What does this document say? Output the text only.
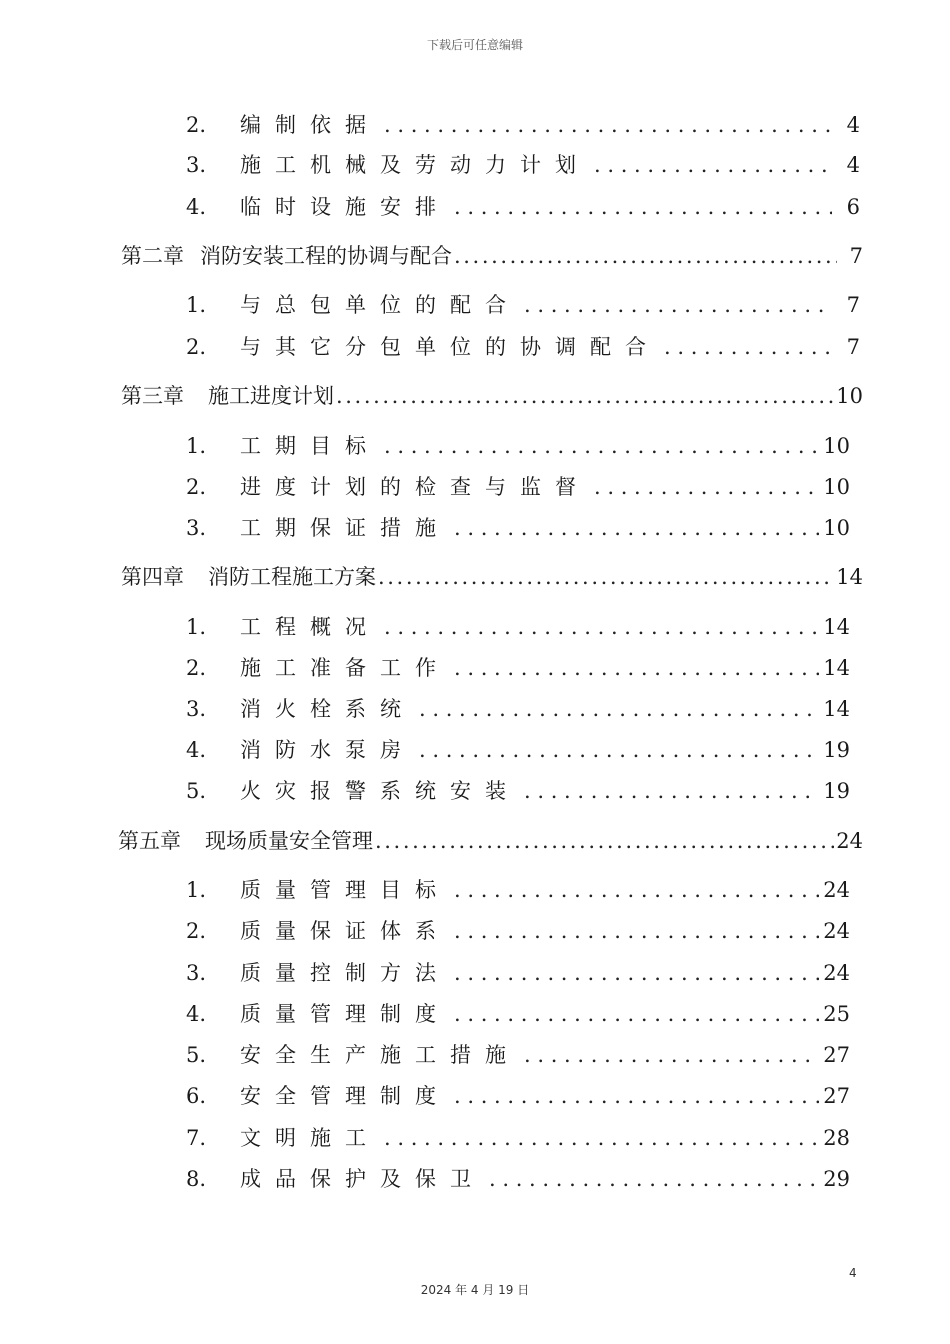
下载后可任意编辑
2.	编制依据 . . .	4
3.	施工机械及劳动力计划 . . .	4
4.	临时设施安排 . . .	6
第二章 消防安装工程的协调与配合 .....	7
1.	与总包单位的配合 . . .	7
2.	与其它分包单位的协调配合 . . .	7
第三章 施工进度计划 .....	10
1.	工期目标 . . .	10
2.	进度计划的检查与监督 . . .	10
3.	工期保证措施 . . .	10
第四章 消防工程施工方案 .....	14
1.	工程概况 . . .	14
2.	施工准备工作 . . .	14
3.	消火栓系统 . . .	14
4.	消防水泵房 . . .	19
5.	火灾报警系统安装 . . .	19
第五章 现场质量安全管理 .....	24
1.	质量管理目标 . . .	24
2.	质量保证体系 . . .	24
3.	质量控制方法 . . .	24
4.	质量管理制度 . . .	25
5.	安全生产施工措施 . . .	27
6.	安全管理制度 . . .	27
7.	文明施工 . . .	28
8.	成品保护及保卫 . . .	29
4
2024 年 4 月 19 日
